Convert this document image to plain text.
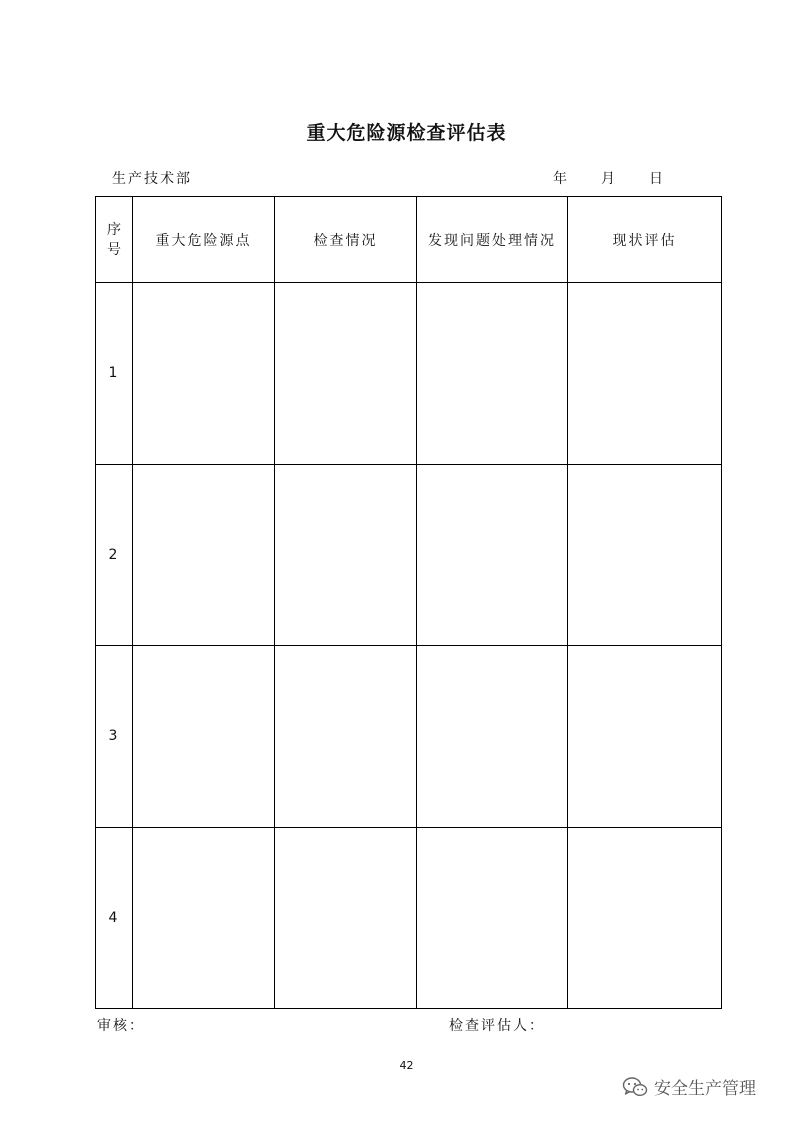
重大危险源检查评估表
生产技术部	年 月 日
序号	重大危险源点	检查情况	发现问题处理情况	现状评估
1				
2				
3				
4				
审核：	检查评估人：
42
安全生产管理
